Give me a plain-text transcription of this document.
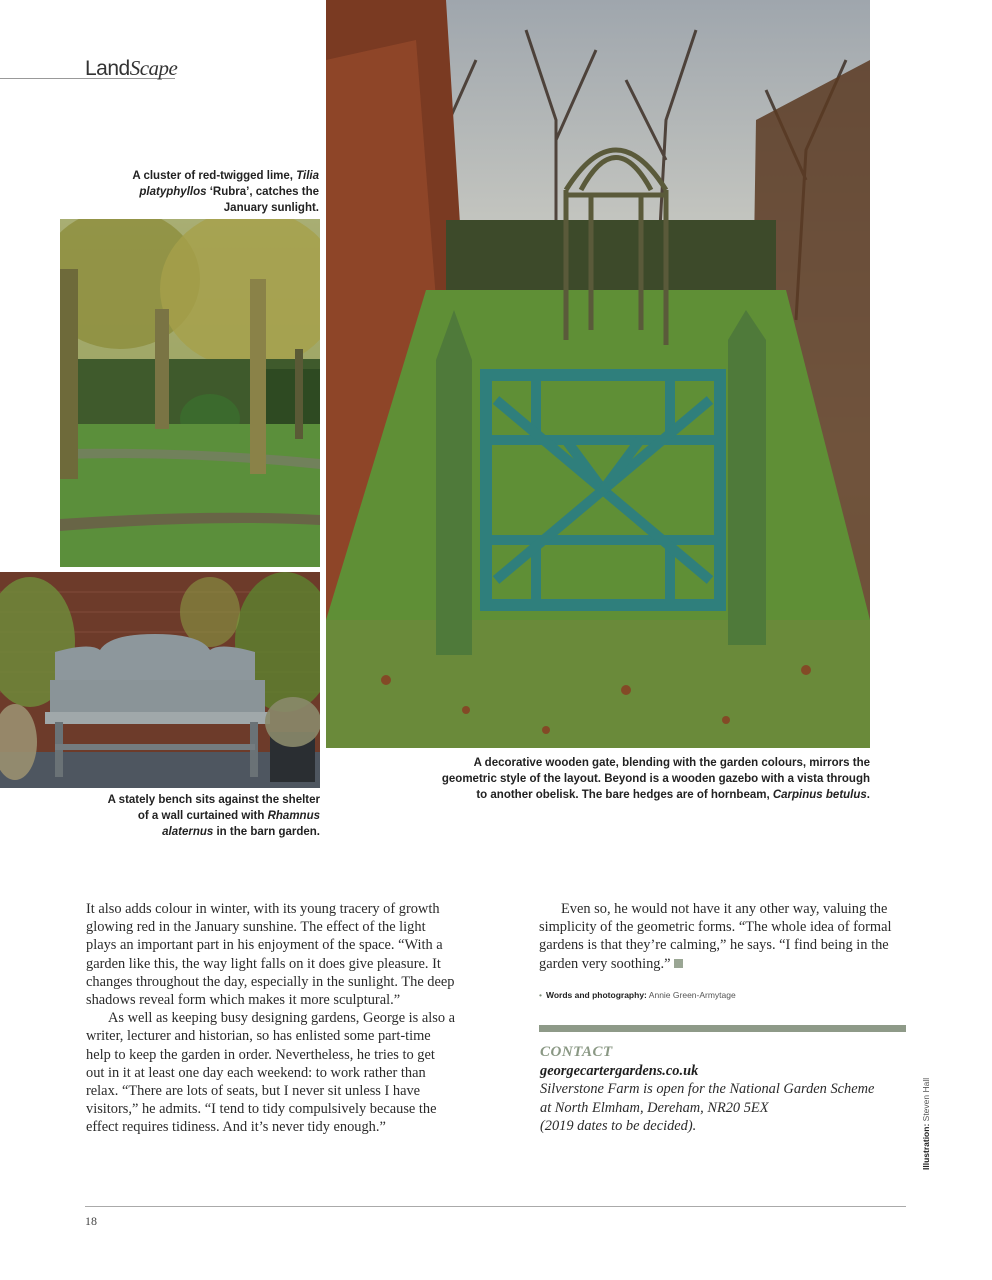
LandScape
A cluster of red-twigged lime, Tilia
platyphyllos ‘Rubra’, catches the
January sunlight.
A stately bench sits against the shelter
of a wall curtained with Rhamnus
alaternus in the barn garden.
A decorative wooden gate, blending with the garden colours, mirrors the
geometric style of the layout. Beyond is a wooden gazebo with a vista through
to another obelisk. The bare hedges are of hornbeam, Carpinus betulus.

It also adds colour in winter, with its young tracery of growth glowing red in the January sunshine. The effect of the light plays an important part in his enjoyment of the space. “With a garden like this, the way light falls on it does give pleasure. It changes throughout the day, especially in the sunlight. The deep shadows reveal form which makes it more sculptural.”

As well as keeping busy designing gardens, George is also a writer, lecturer and historian, so has enlisted some part-time help to keep the garden in order. Nevertheless, he tries to get out in it at least one day each weekend: to work rather than relax. “There are lots of seats, but I never sit unless I have visitors,” he admits. “I tend to tidy compulsively because the effect requires tidiness. And it’s never tidy enough.”

Even so, he would not have it any other way, valuing the simplicity of the geometric forms. “The whole idea of formal gardens is that they’re calming,” he says. “I find being in the garden very soothing.”

• Words and photography: Annie Green-Armytage
CONTACT
georgecartergardens.co.uk
Silverstone Farm is open for the National Garden Scheme
at North Elmham, Dereham, NR20 5EX
(2019 dates to be decided).	Illustration: Steven Hall
18
